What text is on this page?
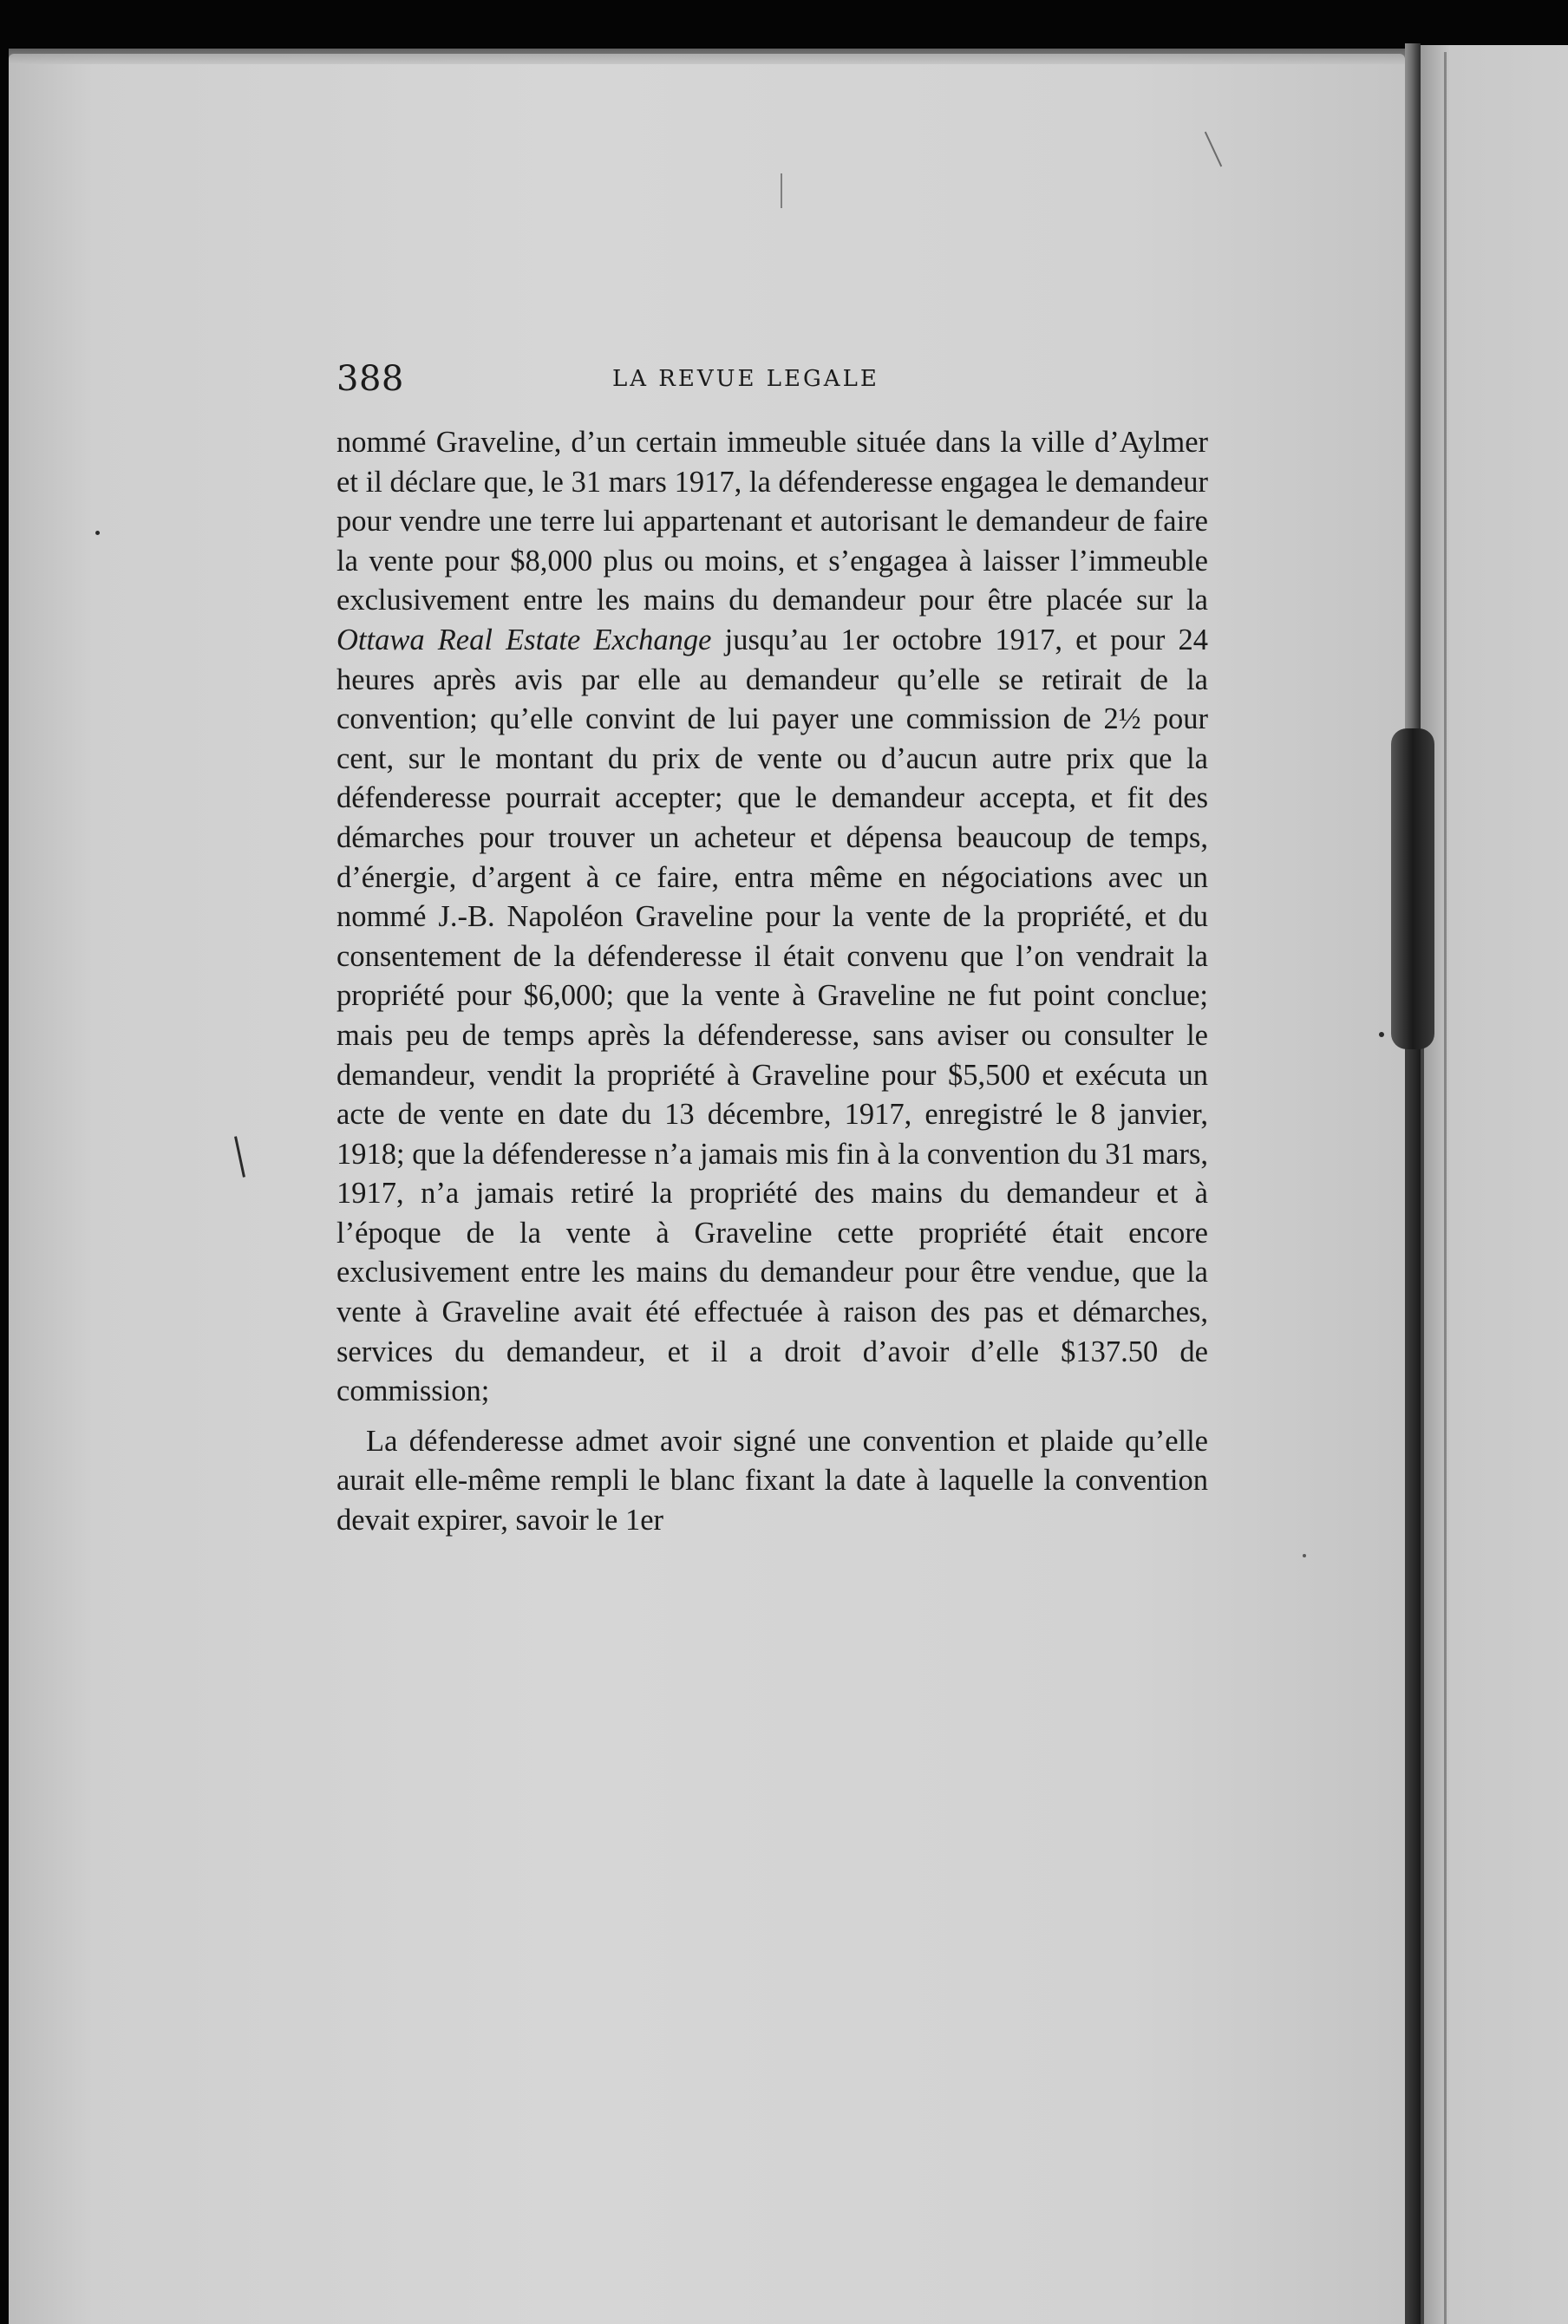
388	LA REVUE LEGALE

nommé Graveline, d’un certain immeuble située dans la ville d’Aylmer et il déclare que, le 31 mars 1917, la défenderesse engagea le demandeur pour vendre une terre lui appartenant et autorisant le demandeur de faire la vente pour $8,000 plus ou moins, et s’engagea à laisser l’immeuble exclusivement entre les mains du demandeur pour être placée sur la Ottawa Real Estate Exchange jusqu’au 1er octobre 1917, et pour 24 heures après avis par elle au demandeur qu’elle se retirait de la convention; qu’elle convint de lui payer une commission de 2½ pour cent, sur le montant du prix de vente ou d’aucun autre prix que la défenderesse pourrait accepter; que le demandeur accepta, et fit des démarches pour trouver un acheteur et dépensa beaucoup de temps, d’énergie, d’argent à ce faire, entra même en négociations avec un nommé J.-B. Napoléon Graveline pour la vente de la propriété, et du consentement de la défenderesse il était convenu que l’on vendrait la propriété pour $6,000; que la vente à Graveline ne fut point conclue; mais peu de temps après la défenderesse, sans aviser ou consulter le demandeur, vendit la propriété à Graveline pour $5,500 et exécuta un acte de vente en date du 13 décembre, 1917, enregistré le 8 janvier, 1918; que la défenderesse n’a jamais mis fin à la convention du 31 mars, 1917, n’a jamais retiré la propriété des mains du demandeur et à l’époque de la vente à Graveline cette propriété était encore exclusivement entre les mains du demandeur pour être vendue, que la vente à Graveline avait été effectuée à raison des pas et démarches, services du demandeur, et il a droit d’avoir d’elle $137.50 de commission;

La défenderesse admet avoir signé une convention et plaide qu’elle aurait elle-même rempli le blanc fixant la date à laquelle la convention devait expirer, savoir le 1er
